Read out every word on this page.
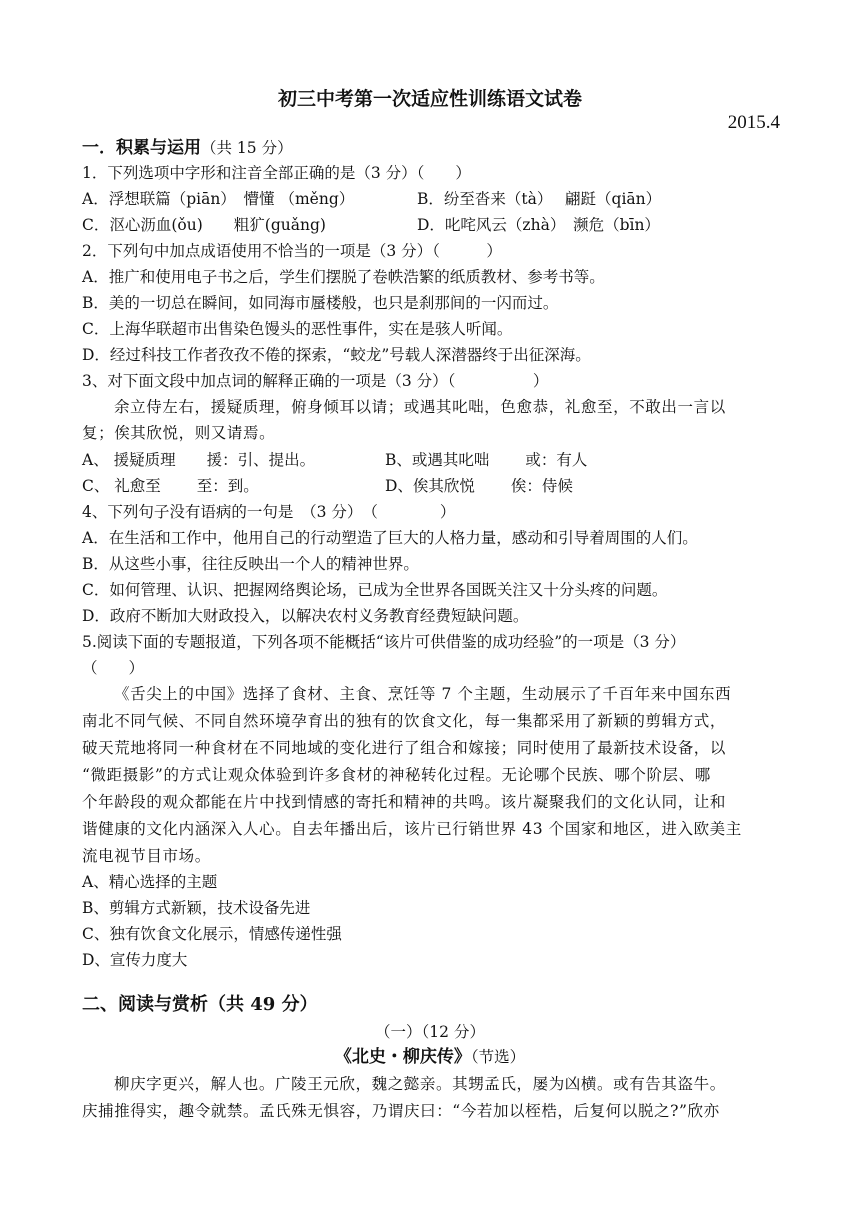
初三中考第一次适应性训练语文试卷
2015.4
一．积累与运用（共 15 分）
1．下列选项中字形和注音全部正确的是（3 分）（　　）
A．浮想联篇（piān）　懵懂 （měng）	B．纷至沓来（tà）　 翩跹（qiān）
C．沤心沥血(ǒu)　　粗犷(guǎng)	D．叱咤风云（zhà）　濒危（bīn）
2．下列句中加点成语使用不恰当的一项是（3 分）（　　　）
A．推广和使用电子书之后，学生们摆脱了卷帙浩繁的纸质教材、参考书等。
B．美的一切总在瞬间，如同海市蜃楼般，也只是刹那间的一闪而过。
C．上海华联超市出售染色馒头的恶性事件，实在是骇人听闻。
D．经过科技工作者孜孜不倦的探索，“蛟龙”号载人深潜器终于出征深海。
3、对下面文段中加点词的解释正确的一项是（3 分）（　　　　　）
余立侍左右，援疑质理，俯身倾耳以请；或遇其叱咄，色愈恭，礼愈至，不敢出一言以
复；俟其欣悦，则又请焉。
A、 援疑质理　　援：引、提出。	B、或遇其叱咄　　 或：有人
C、 礼愈至　　 至：到。	D、俟其欣悦　　 俟：侍候
4、下列句子没有语病的一句是　（3 分）　（　　　　）
A．在生活和工作中，他用自己的行动塑造了巨大的人格力量，感动和引导着周围的人们。
B．从这些小事，往往反映出一个人的精神世界。
C．如何管理、认识、把握网络舆论场，已成为全世界各国既关注又十分头疼的问题。
D．政府不断加大财政投入，以解决农村义务教育经费短缺问题。
5.阅读下面的专题报道，下列各项不能概括“该片可供借鉴的成功经验”的一项是（3 分）
（　　）
《舌尖上的中国》选择了食材、主食、烹饪等 7 个主题，生动展示了千百年来中国东西
南北不同气候、不同自然环境孕育出的独有的饮食文化，每一集都采用了新颖的剪辑方式，
破天荒地将同一种食材在不同地域的变化进行了组合和嫁接；同时使用了最新技术设备，以
“微距摄影”的方式让观众体验到许多食材的神秘转化过程。无论哪个民族、哪个阶层、哪
个年龄段的观众都能在片中找到情感的寄托和精神的共鸣。该片凝聚我们的文化认同，让和
谐健康的文化内涵深入人心。自去年播出后，该片已行销世界 43 个国家和地区，进入欧美主
流电视节目市场。
A、精心选择的主题
B、剪辑方式新颖，技术设备先进
C、独有饮食文化展示，情感传递性强
D、宣传力度大
二、阅读与赏析（共 49 分）
（一）（12 分）
《北史・柳庆传》（节选）
柳庆字更兴，解人也。广陵王元欣，魏之懿亲。其甥孟氏，屡为凶横。或有告其盗牛。
庆捕推得实，趣令就禁。孟氏殊无惧容，乃谓庆曰：“今若加以桎梏，后复何以脱之?”欣亦
